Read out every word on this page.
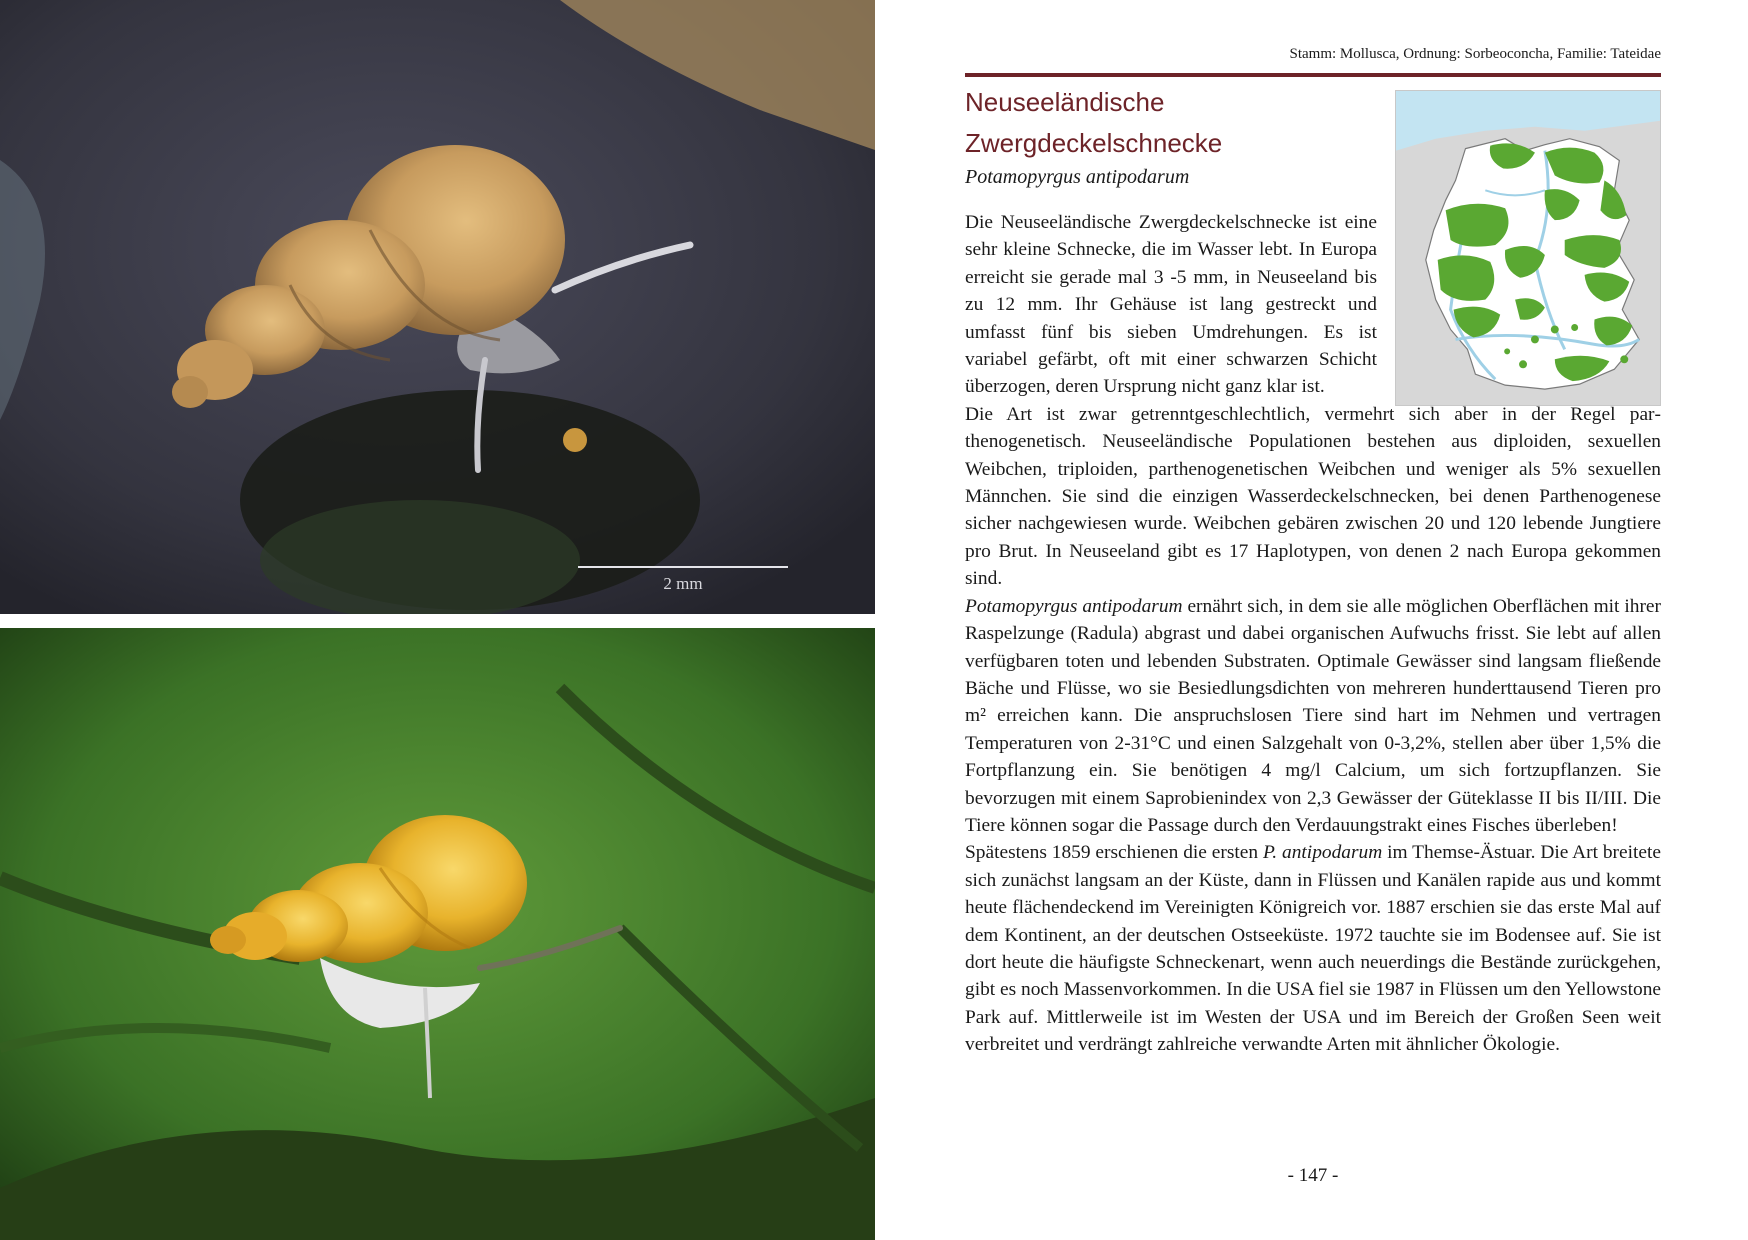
2 mm
Stamm: Mollusca, Ordnung: Sorbeoconcha, Familie: Tateidae
Neuseeländische
Zwergdeckelschnecke
Potamopyrgus antipodarum

Die Neuseeländische Zwergdeckelschnecke ist eine sehr kleine Schnecke, die im Wasser lebt. In Europa erreicht sie gerade mal 3 -5 mm, in Neuseeland bis zu 12 mm. Ihr Gehäuse ist lang gestreckt und umfasst fünf bis sieben Umdrehungen. Es ist variabel gefärbt, oft mit einer schwarzen Schicht überzogen, deren Ursprung nicht ganz klar ist.

Die Art ist zwar getrenntgeschlechtlich, vermehrt sich aber in der Regel parthenogenetisch. Neuseeländische Populationen bestehen aus diploiden, sexuellen Weibchen, triploiden, parthenogenetischen Weibchen und weniger als 5% sexuellen Männchen. Sie sind die einzigen Wasserdeckelschnecken, bei denen Parthenogenese sicher nachgewiesen wurde. Weibchen gebären zwischen 20 und 120 lebende Jungtiere pro Brut. In Neuseeland gibt es 17 Haplotypen, von denen 2 nach Europa gekommen sind.

Potamopyrgus antipodarum ernährt sich, in dem sie alle möglichen Oberflächen mit ihrer Raspelzunge (Radula) abgrast und dabei organischen Aufwuchs frisst. Sie lebt auf allen verfügbaren toten und lebenden Substraten. Optimale Gewässer sind langsam fließende Bäche und Flüsse, wo sie Besiedlungsdichten von mehreren hunderttausend Tieren pro m² erreichen kann. Die anspruchslosen Tiere sind hart im Nehmen und vertragen Temperaturen von 2-31°C und einen Salzgehalt von 0-3,2%, stellen aber über 1,5% die Fortpflanzung ein. Sie benötigen 4 mg/l Calcium, um sich fortzupflanzen. Sie bevorzugen mit einem Saprobienindex von 2,3 Gewässer der Güteklasse II bis II/III. Die Tiere können sogar die Passage durch den Verdauungstrakt eines Fisches überleben!

Spätestens 1859 erschienen die ersten P. antipodarum im Themse-Ästuar. Die Art breitete sich zunächst langsam an der Küste, dann in Flüssen und Kanälen rapide aus und kommt heute flächendeckend im Vereinigten Königreich vor. 1887 erschien sie das erste Mal auf dem Kontinent, an der deutschen Ostseeküste. 1972 tauchte sie im Bodensee auf. Sie ist dort heute die häufigste Schneckenart, wenn auch neuerdings die Bestände zurückgehen, gibt es noch Massenvorkommen. In die USA fiel sie 1987 in Flüssen um den Yellowstone Park auf. Mittlerweile ist im Westen der USA und im Bereich der Großen Seen weit verbreitet und verdrängt zahlreiche verwandte Arten mit ähnlicher Ökologie.

- 147 -
